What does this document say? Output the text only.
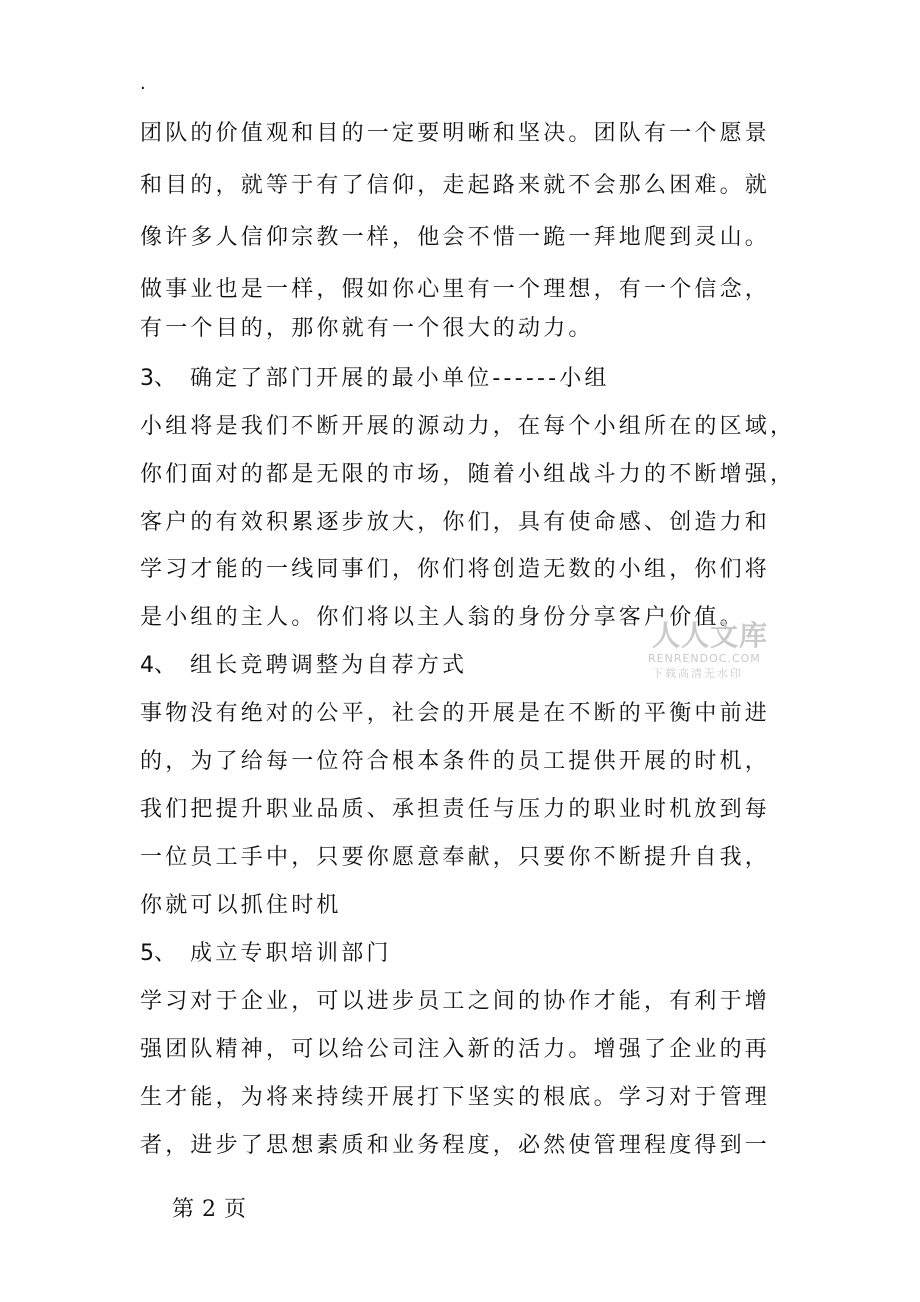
.
团队的价值观和目的一定要明晰和坚决。团队有一个愿景
和目的，就等于有了信仰，走起路来就不会那么困难。就
像许多人信仰宗教一样，他会不惜一跪一拜地爬到灵山。
做事业也是一样，假如你心里有一个理想，有一个信念，
有一个目的，那你就有一个很大的动力。
3、 确定了部门开展的最小单位------小组
小组将是我们不断开展的源动力，在每个小组所在的区域，
你们面对的都是无限的市场，随着小组战斗力的不断增强，
客户的有效积累逐步放大，你们，具有使命感、创造力和
学习才能的一线同事们，你们将创造无数的小组，你们将
是小组的主人。你们将以主人翁的身份分享客户价值。
4、 组长竞聘调整为自荐方式
事物没有绝对的公平，社会的开展是在不断的平衡中前进
的，为了给每一位符合根本条件的员工提供开展的时机，
我们把提升职业品质、承担责任与压力的职业时机放到每
一位员工手中，只要你愿意奉献，只要你不断提升自我，
你就可以抓住时机
5、 成立专职培训部门
学习对于企业，可以进步员工之间的协作才能，有利于增
强团队精神，可以给公司注入新的活力。增强了企业的再
生才能，为将来持续开展打下坚实的根底。学习对于管理
者，进步了思想素质和业务程度，必然使管理程度得到一
人人文库
RENRENDOC.COM
下载高清无水印
第 2 页
